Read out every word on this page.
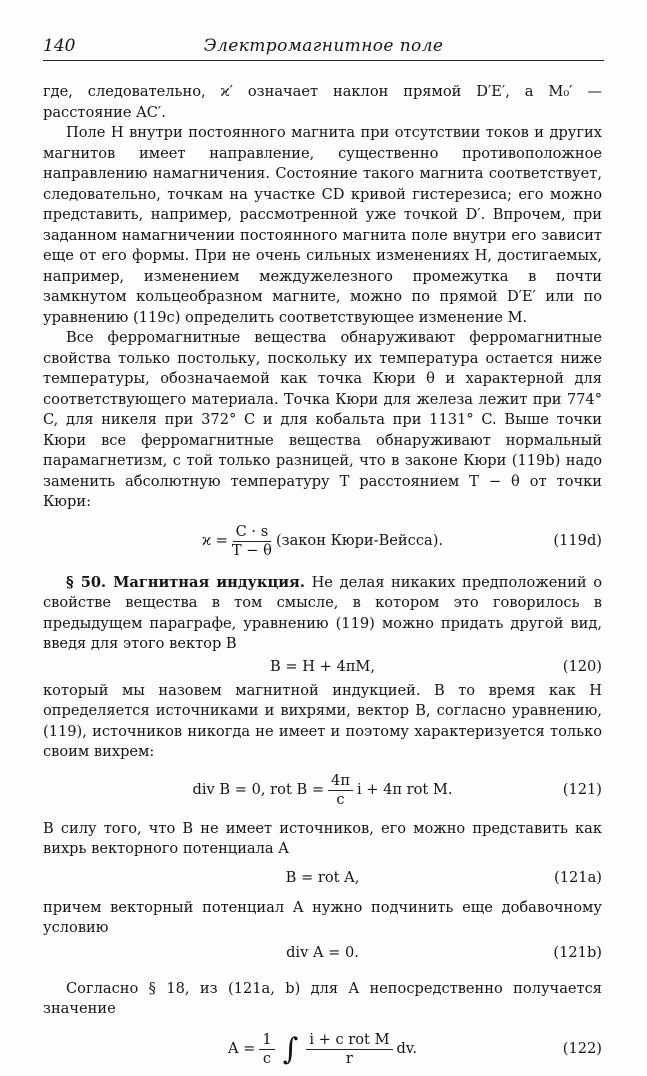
140	Электромагнитное поле

где, следовательно, ϰ′ означает наклон прямой D′E′, а M₀′ — расстояние AC′.

Поле H внутри постоянного магнита при отсутствии токов и других магнитов имеет направление, существенно противоположное направлению намагничения. Состояние такого магнита соответствует, следовательно, точкам на участке CD кривой гистерезиса; его можно представить, например, рассмотренной уже точкой D′. Впрочем, при заданном намагничении постоянного магнита поле внутри его зависит еще от его формы. При не очень сильных изменениях H, достигаемых, например, изменением междужелезного промежутка в почти замкнутом кольцеобразном магните, можно по прямой D′E′ или по уравнению (119c) определить соответствующее изменение M.

Все ферромагнитные вещества обнаруживают ферромагнитные свойства только постольку, поскольку их температура остается ниже температуры, обозначаемой как точка Кюри θ и характерной для соответствующего материала. Точка Кюри для железа лежит при 774° C, для никеля при 372° C и для кобальта при 1131° C. Выше точки Кюри все ферромагнитные вещества обнаруживают нормальный парамагнетизм, с той только разницей, что в законе Кюри (119b) надо заменить абсолютную температуру T расстоянием T − θ от точки Кюри:

$ϰ = \frac{C \cdot s}{T - \theta}$ (закон Кюри-Вейсса).	(119d)

§ 50. Магнитная индукция. Не делая никаких предположений о свойстве вещества в том смысле, в котором это говорилось в предыдущем параграфе, уравнению (119) можно придать другой вид, введя для этого вектор B

B = H + 4πM,	(120)

который мы назовем магнитной индукцией. В то время как H определяется источниками и вихрями, вектор B, согласно уравнению, (119), источников никогда не имеет и поэтому характеризуется только своим вихрем:

div B = 0, rot $B = \frac{4\pi}{c}$ i + 4π rot M.	(121)

В силу того, что B не имеет источников, его можно представить как вихрь векторного потенциала A

B = rot A,	(121a)

причем векторный потенциал A нужно подчинить еще добавочному условию

div A = 0.	(121b)

Согласно § 18, из (121a, b) для A непосредственно получается значение

$A = \frac{1}{c}$ ∫ $\frac{\text{i + c rot M}}{r}$ dv.	(122)
